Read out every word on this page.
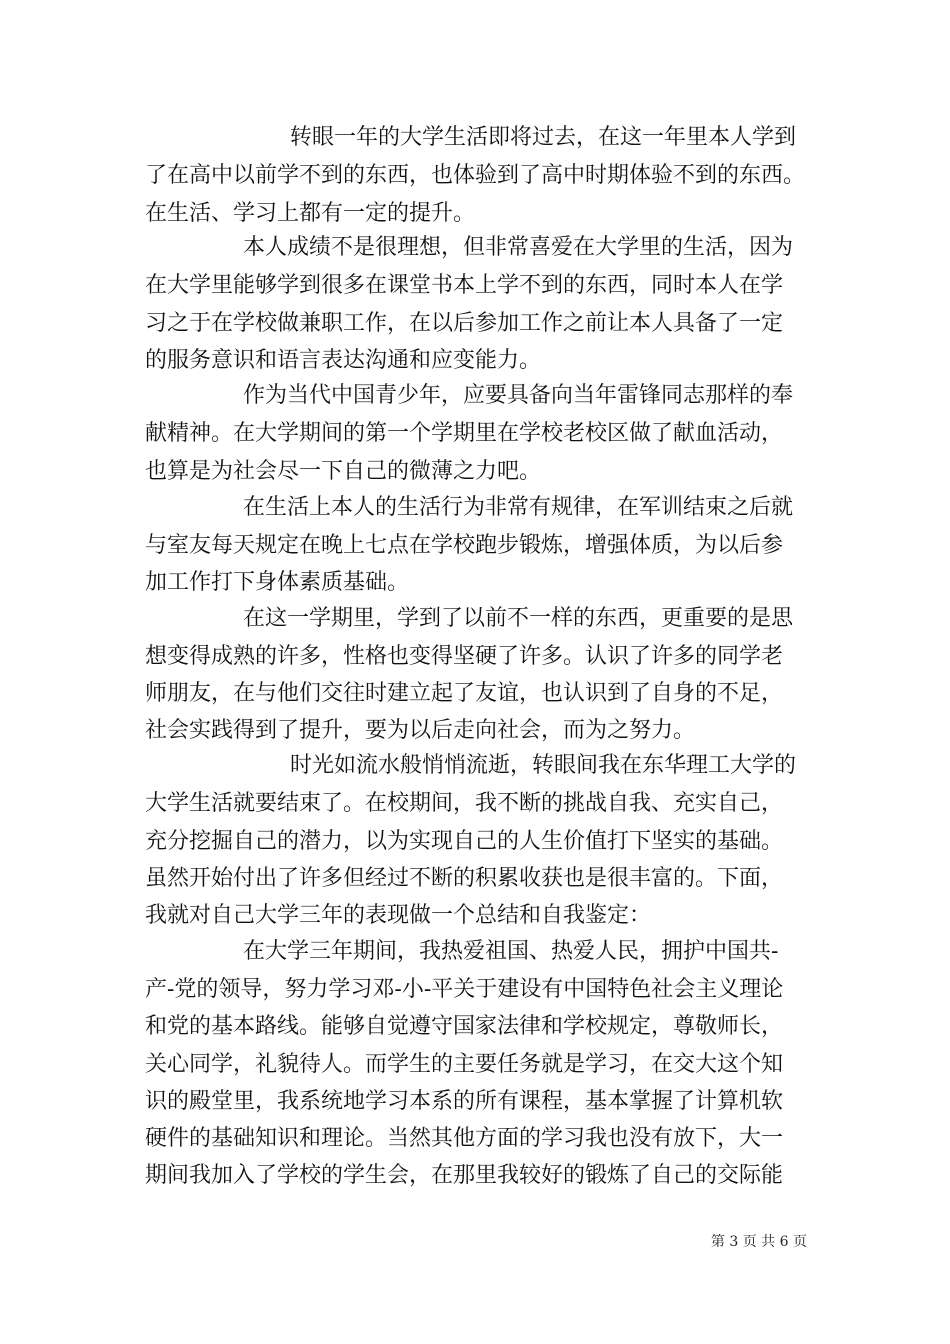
转眼一年的大学生活即将过去，在这一年里本人学到
了在高中以前学不到的东西，也体验到了高中时期体验不到的东西。
在生活、学习上都有一定的提升。
本人成绩不是很理想，但非常喜爱在大学里的生活，因为
在大学里能够学到很多在课堂书本上学不到的东西，同时本人在学
习之于在学校做兼职工作，在以后参加工作之前让本人具备了一定
的服务意识和语言表达沟通和应变能力。
作为当代中国青少年，应要具备向当年雷锋同志那样的奉
献精神。在大学期间的第一个学期里在学校老校区做了献血活动，
也算是为社会尽一下自己的微薄之力吧。
在生活上本人的生活行为非常有规律，在军训结束之后就
与室友每天规定在晚上七点在学校跑步锻炼，增强体质，为以后参
加工作打下身体素质基础。
在这一学期里，学到了以前不一样的东西，更重要的是思
想变得成熟的许多，性格也变得坚硬了许多。认识了许多的同学老
师朋友，在与他们交往时建立起了友谊，也认识到了自身的不足，
社会实践得到了提升，要为以后走向社会，而为之努力。
时光如流水般悄悄流逝，转眼间我在东华理工大学的
大学生活就要结束了。在校期间，我不断的挑战自我、充实自己，
充分挖掘自己的潜力，以为实现自己的人生价值打下坚实的基础。
虽然开始付出了许多但经过不断的积累收获也是很丰富的。下面，
我就对自己大学三年的表现做一个总结和自我鉴定：
在大学三年期间，我热爱祖国、热爱人民，拥护中国共-
产-党的领导，努力学习邓-小-平关于建设有中国特色社会主义理论
和党的基本路线。能够自觉遵守国家法律和学校规定，尊敬师长，
关心同学，礼貌待人。而学生的主要任务就是学习，在交大这个知
识的殿堂里，我系统地学习本系的所有课程，基本掌握了计算机软
硬件的基础知识和理论。当然其他方面的学习我也没有放下，大一
期间我加入了学校的学生会，在那里我较好的锻炼了自己的交际能
第 3 页 共 6 页
